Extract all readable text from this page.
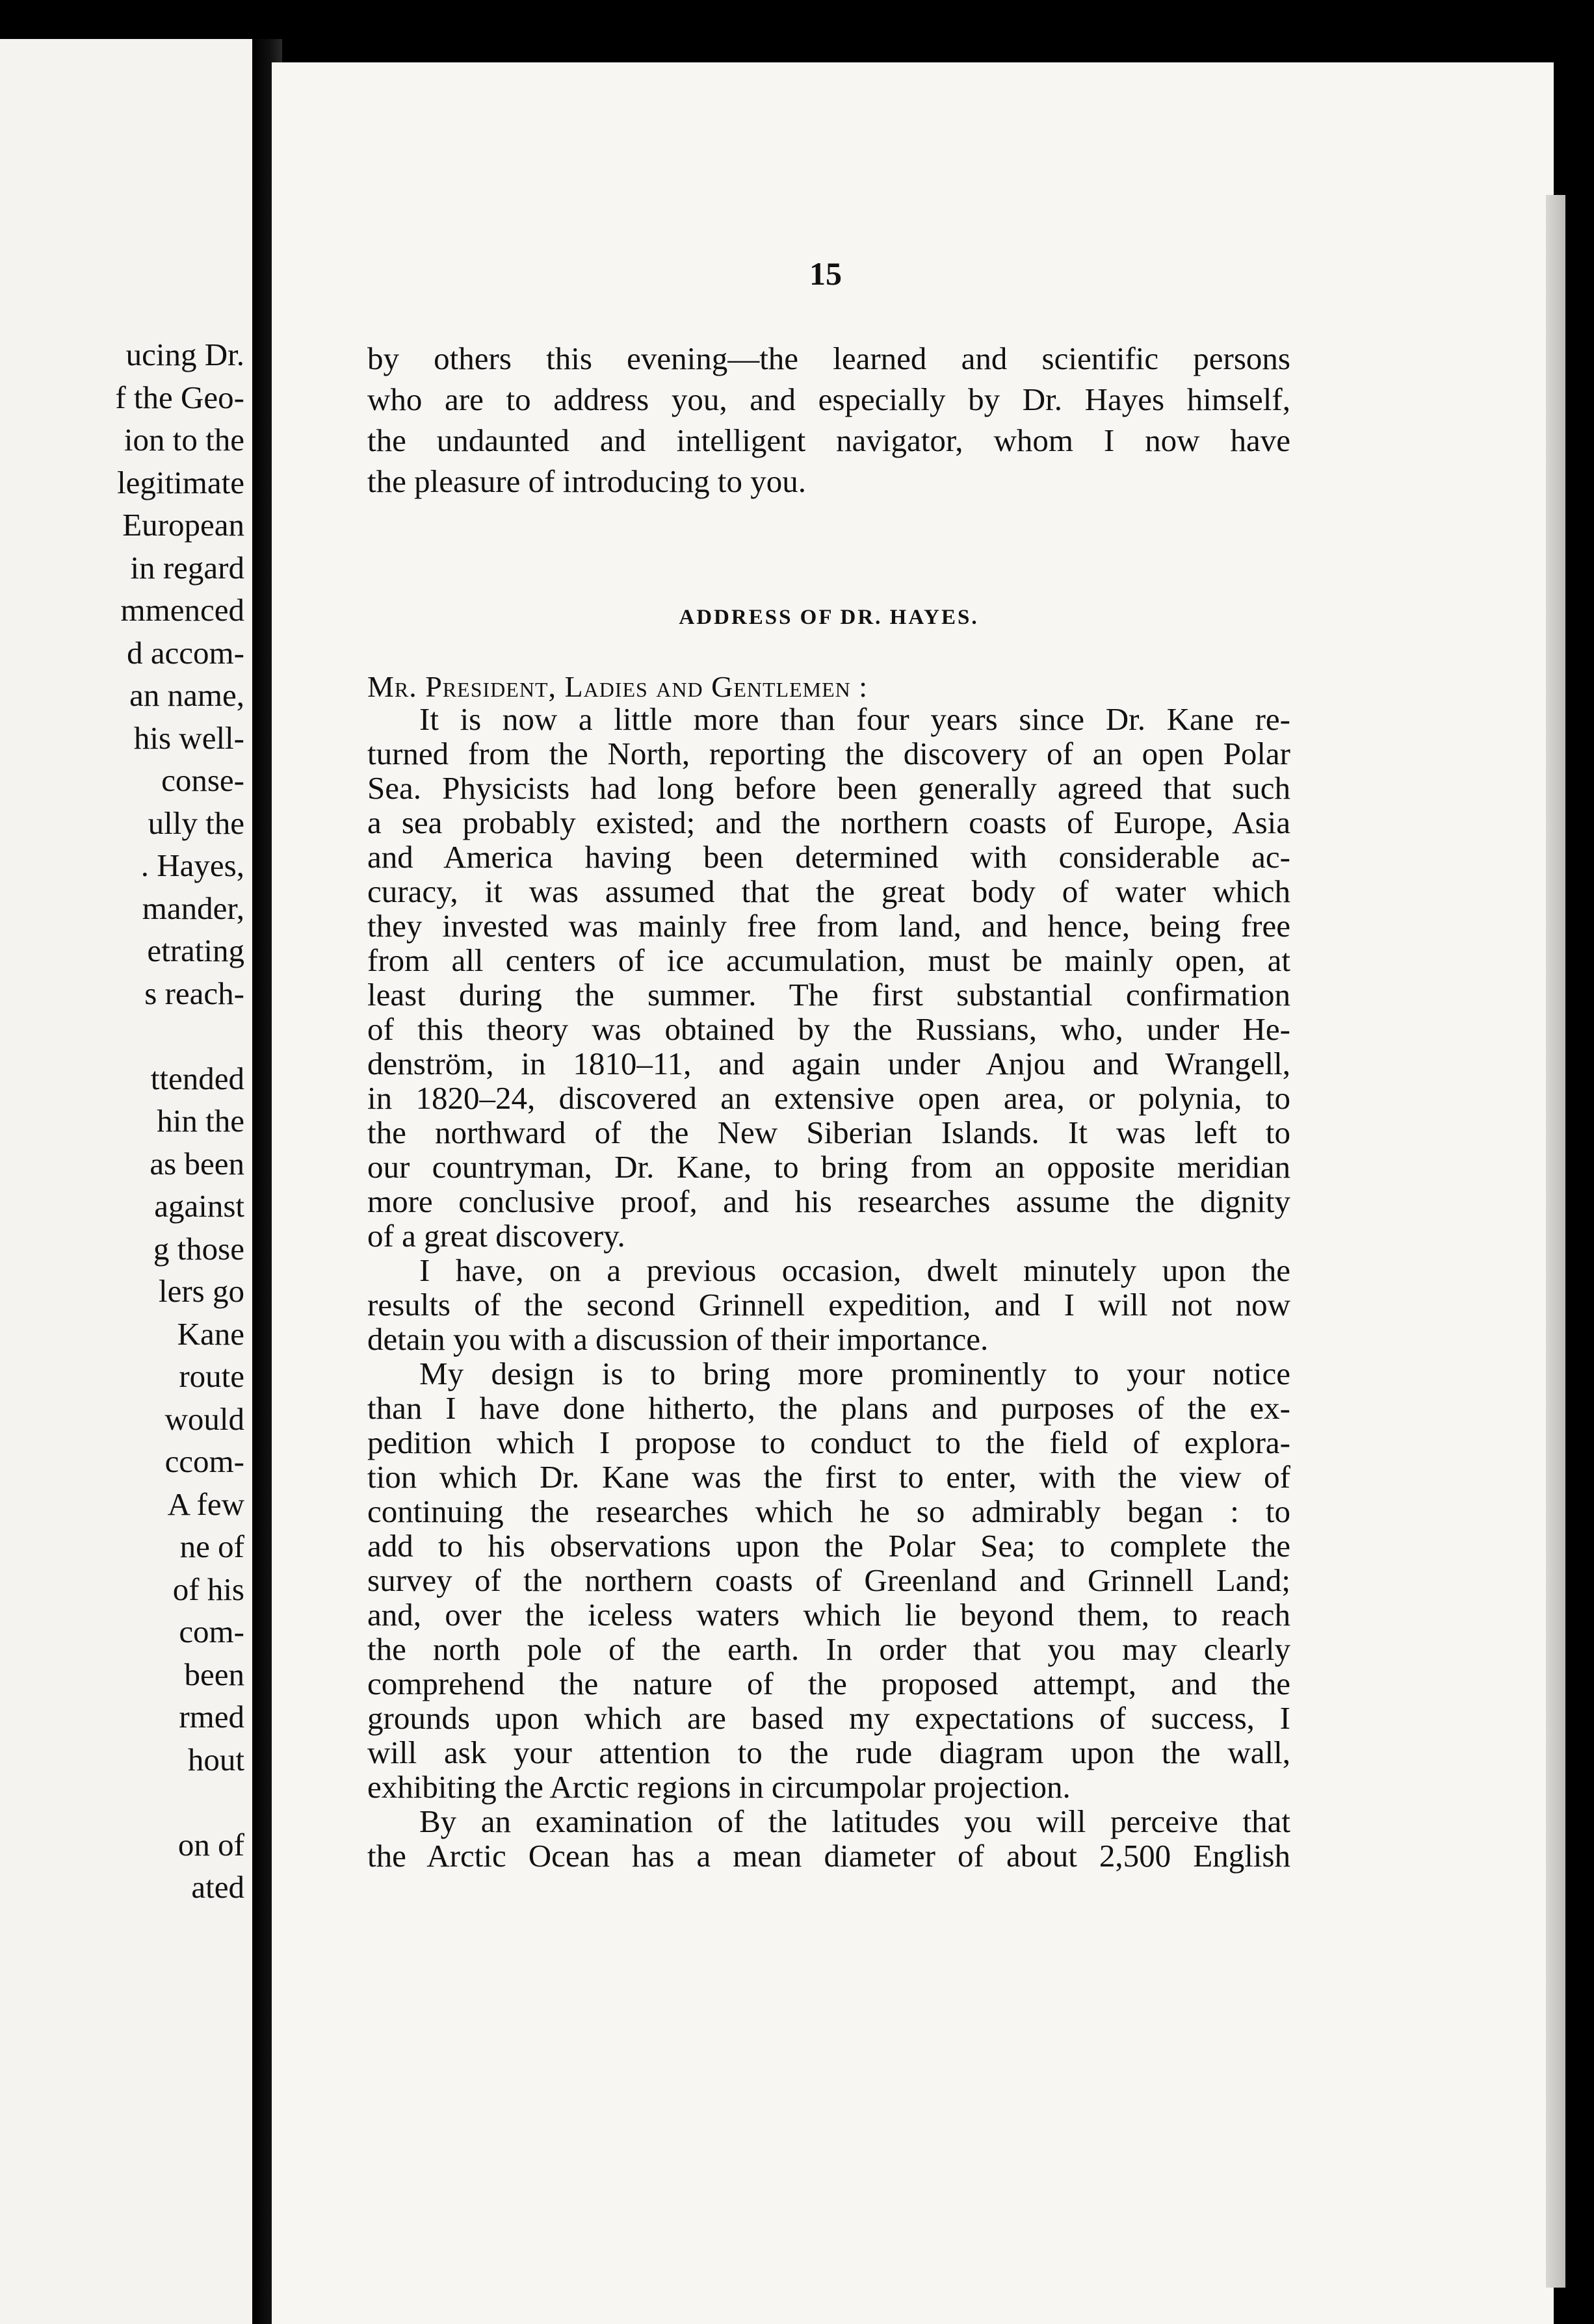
ucing Dr.
f the Geo-
ion to the
legitimate
European
in regard
mmenced
d accom-
an name,
his well-
conse-
ully the
. Hayes,
mander,
etrating
s reach-
ttended
hin the
as been
against
g those
lers go
Kane
route
would
ccom-
A few
ne of
of his
com-
been
rmed
hout
on of
ated
15
by others this evening—the learned and scientific persons
who are to address you, and especially by Dr. Hayes himself,
the undaunted and intelligent navigator, whom I now have
the pleasure of introducing to you.
ADDRESS OF DR. HAYES.
Mr. President, Ladies and Gentlemen :
It is now a little more than four years since Dr. Kane re-
turned from the North, reporting the discovery of an open Polar
Sea. Physicists had long before been generally agreed that such
a sea probably existed; and the northern coasts of Europe, Asia
and America having been determined with considerable ac-
curacy, it was assumed that the great body of water which
they invested was mainly free from land, and hence, being free
from all centers of ice accumulation, must be mainly open, at
least during the summer. The first substantial confirmation
of this theory was obtained by the Russians, who, under He-
denström, in 1810–11, and again under Anjou and Wrangell,
in 1820–24, discovered an extensive open area, or polynia, to
the northward of the New Siberian Islands. It was left to
our countryman, Dr. Kane, to bring from an opposite meridian
more conclusive proof, and his researches assume the dignity
of a great discovery.
I have, on a previous occasion, dwelt minutely upon the
results of the second Grinnell expedition, and I will not now
detain you with a discussion of their importance.
My design is to bring more prominently to your notice
than I have done hitherto, the plans and purposes of the ex-
pedition which I propose to conduct to the field of explora-
tion which Dr. Kane was the first to enter, with the view of
continuing the researches which he so admirably began : to
add to his observations upon the Polar Sea; to complete the
survey of the northern coasts of Greenland and Grinnell Land;
and, over the iceless waters which lie beyond them, to reach
the north pole of the earth. In order that you may clearly
comprehend the nature of the proposed attempt, and the
grounds upon which are based my expectations of success, I
will ask your attention to the rude diagram upon the wall,
exhibiting the Arctic regions in circumpolar projection.
By an examination of the latitudes you will perceive that
the Arctic Ocean has a mean diameter of about 2,500 English
